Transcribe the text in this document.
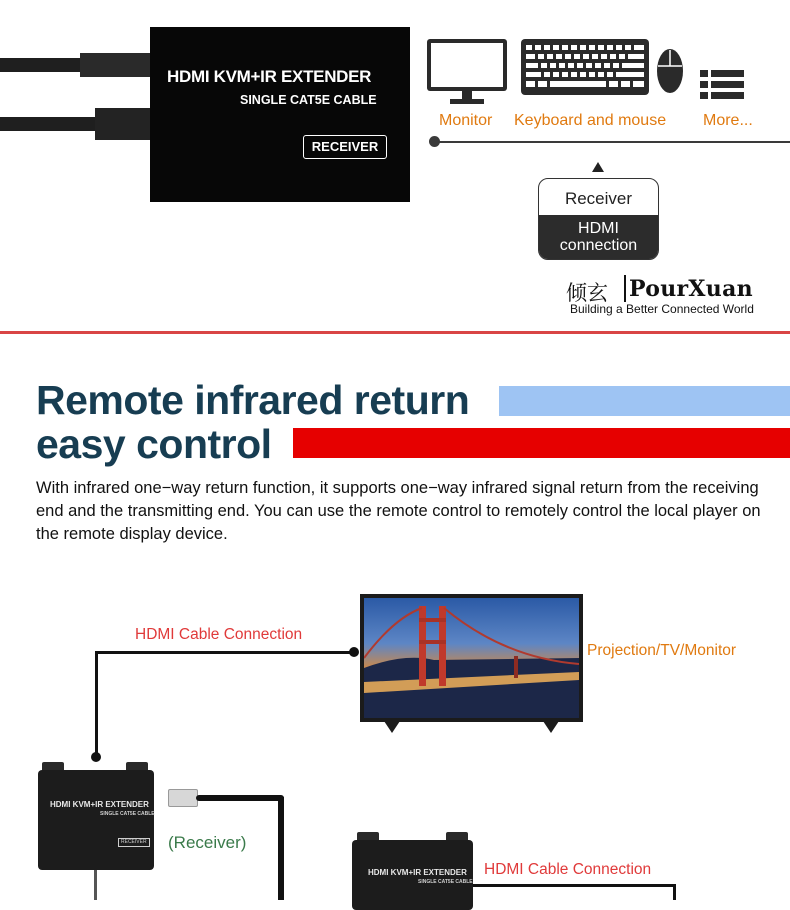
HDMI KVM+IR EXTENDER
SINGLE CAT5E CABLE
RECEIVER
Monitor Keyboard and mouse More...
Receiver
HDMI
connection
倾玄 PourXuan
Building a Better Connected World
Remote infrared return
easy control
With infrared one−way return function, it supports one−way infrared signal return from the receiving end and the transmitting end. You can use the remote control to remotely control the local player on the remote display device.
HDMI Cable Connection
Projection/TV/Monitor
HDMI KVM+IR EXTENDER
SINGLE CAT5E CABLE
RECEIVER (Receiver)
HDMI KVM+IR EXTENDER
SINGLE CAT5E CABLE
HDMI Cable Connection
